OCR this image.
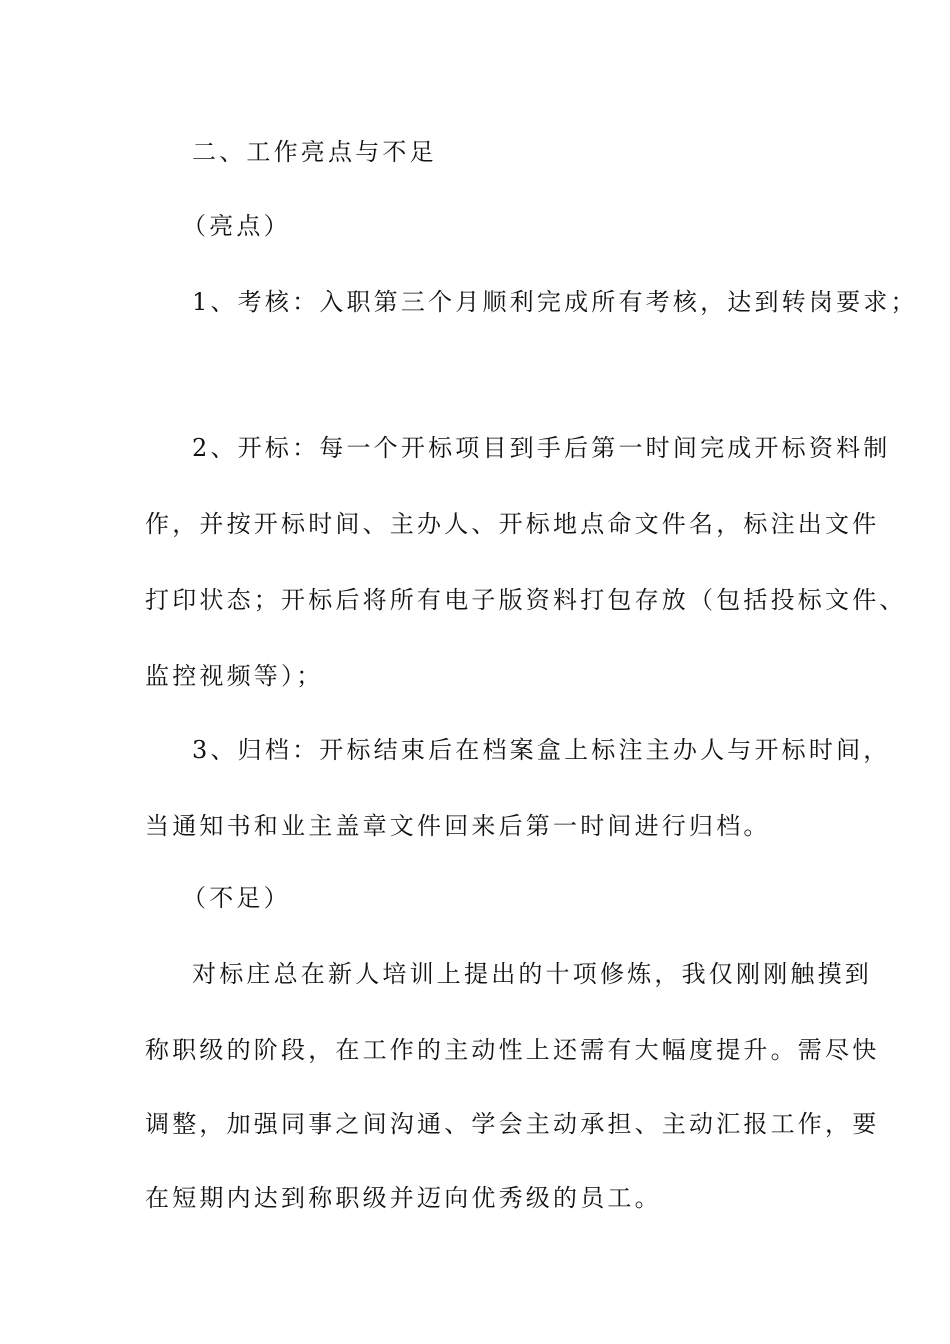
二、工作亮点与不足
（亮点）
1、考核：入职第三个月顺利完成所有考核，达到转岗要求；
2、开标：每一个开标项目到手后第一时间完成开标资料制
作，并按开标时间、主办人、开标地点命文件名，标注出文件
打印状态；开标后将所有电子版资料打包存放（包括投标文件、
监控视频等）；
3、归档：开标结束后在档案盒上标注主办人与开标时间，
当通知书和业主盖章文件回来后第一时间进行归档。
（不足）
对标庄总在新人培训上提出的十项修炼，我仅刚刚触摸到
称职级的阶段，在工作的主动性上还需有大幅度提升。需尽快
调整，加强同事之间沟通、学会主动承担、主动汇报工作，要
在短期内达到称职级并迈向优秀级的员工。
